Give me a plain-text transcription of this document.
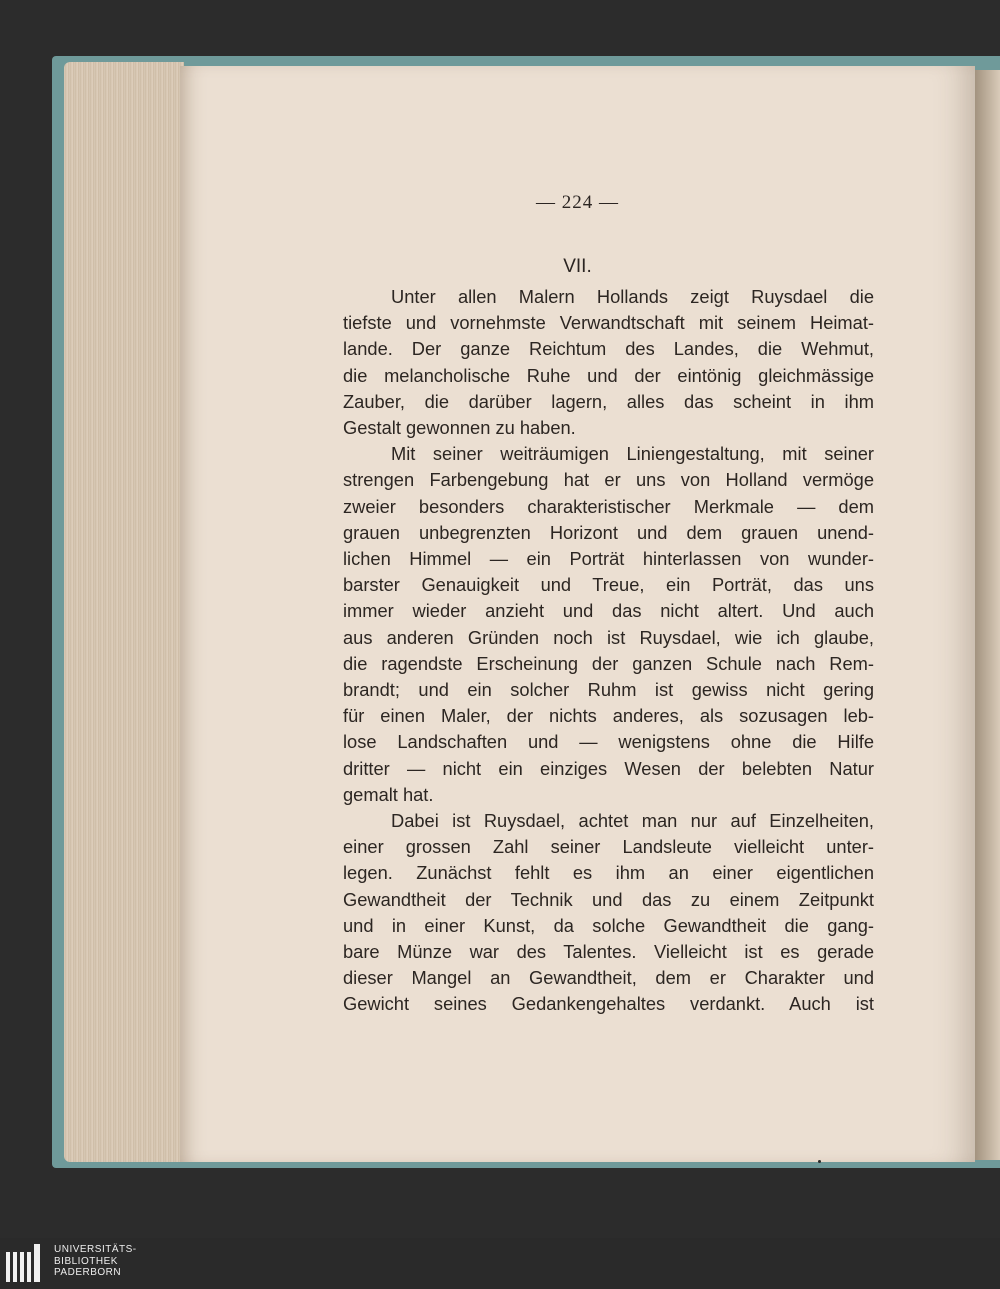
— 224 —
VII.
Unter allen Malern Hollands zeigt Ruysdael die
tiefste und vornehmste Verwandtschaft mit seinem Heimat-
lande. Der ganze Reichtum des Landes, die Wehmut,
die melancholische Ruhe und der eintönig gleichmässige
Zauber, die darüber lagern, alles das scheint in ihm
Gestalt gewonnen zu haben.
Mit seiner weiträumigen Liniengestaltung, mit seiner
strengen Farbengebung hat er uns von Holland vermöge
zweier besonders charakteristischer Merkmale — dem
grauen unbegrenzten Horizont und dem grauen unend-
lichen Himmel — ein Porträt hinterlassen von wunder-
barster Genauigkeit und Treue, ein Porträt, das uns
immer wieder anzieht und das nicht altert. Und auch
aus anderen Gründen noch ist Ruysdael, wie ich glaube,
die ragendste Erscheinung der ganzen Schule nach Rem-
brandt; und ein solcher Ruhm ist gewiss nicht gering
für einen Maler, der nichts anderes, als sozusagen leb-
lose Landschaften und — wenigstens ohne die Hilfe
dritter — nicht ein einziges Wesen der belebten Natur
gemalt hat.
Dabei ist Ruysdael, achtet man nur auf Einzelheiten,
einer grossen Zahl seiner Landsleute vielleicht unter-
legen. Zunächst fehlt es ihm an einer eigentlichen
Gewandtheit der Technik und das zu einem Zeitpunkt
und in einer Kunst, da solche Gewandtheit die gang-
bare Münze war des Talentes. Vielleicht ist es gerade
dieser Mangel an Gewandtheit, dem er Charakter und
Gewicht seines Gedankengehaltes verdankt. Auch ist
UNIVERSITÄTS-
BIBLIOTHEK
PADERBORN
